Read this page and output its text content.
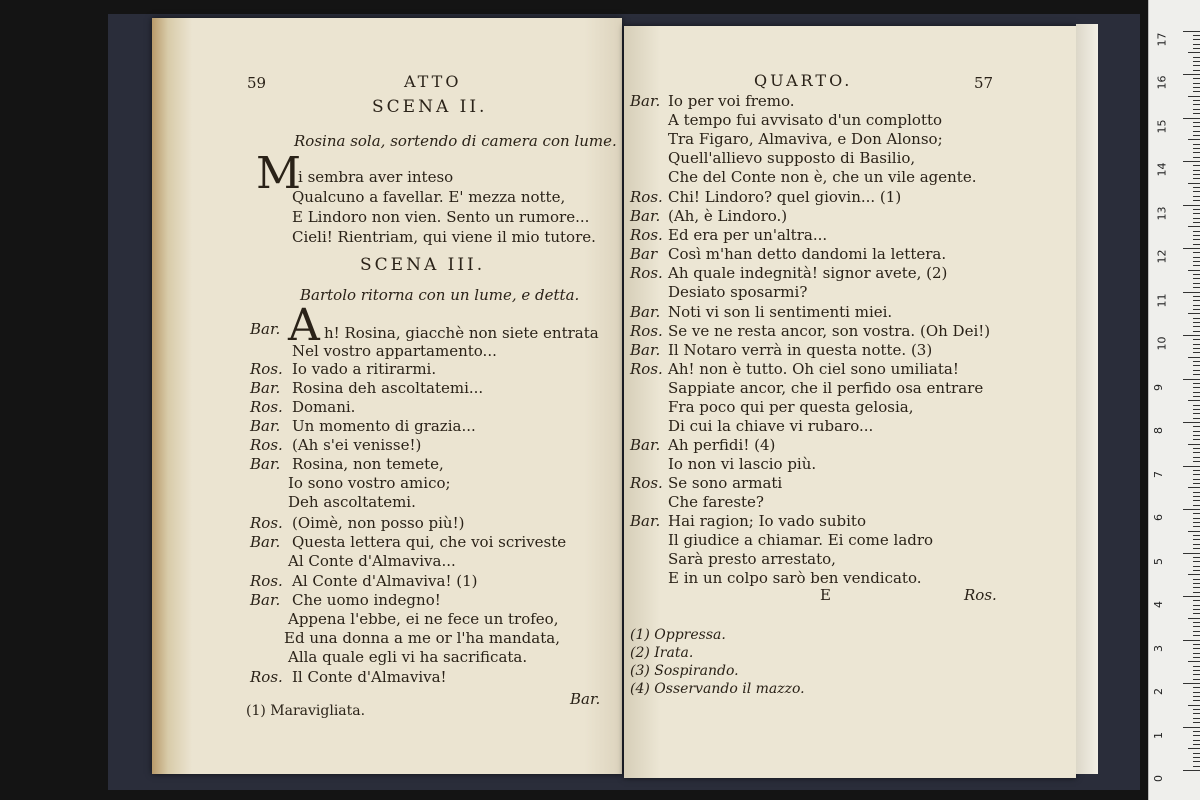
59	ATTO
SCENA II.
Rosina sola, sortendo di camera con lume.
M
i sembra aver inteso
Qualcuno a favellar. E' mezza notte,
E Lindoro non vien. Sento un rumore...
Cieli! Rientriam, qui viene il mio tutore.
SCENA III.
Bartolo ritorna con un lume, e detta.
Bar. A h! Rosina, giacchè non siete entrata
Nel vostro appartamento...
Ros. Io vado a ritirarmi.
Bar. Rosina deh ascoltatemi...
Ros. Domani.
Bar. Un momento di grazia...
Ros. (Ah s'ei venisse!)
Bar. Rosina, non temete,
Io sono vostro amico;
Deh ascoltatemi.
Ros. (Oimè, non posso più!)
Bar. Questa lettera qui, che voi scriveste
Al Conte d'Almaviva...
Ros. Al Conte d'Almaviva! (1)
Bar. Che uomo indegno!
Appena l'ebbe, ei ne fece un trofeo,
Ed una donna a me or l'ha mandata,
Alla quale egli vi ha sacrificata.
Ros. Il Conte d'Almaviva!
Bar.
(1) Maravigliata.
QUARTO.	57
Bar. Io per voi fremo.
A tempo fui avvisato d'un complotto
Tra Figaro, Almaviva, e Don Alonso;
Quell'allievo supposto di Basilio,
Che del Conte non è, che un vile agente.
Ros. Chi! Lindoro? quel giovin... (1)
Bar. (Ah, è Lindoro.)
Ros. Ed era per un'altra...
Bar Così m'han detto dandomi la lettera.
Ros. Ah quale indegnità! signor avete, (2)
Desiato sposarmi?
Bar. Noti vi son li sentimenti miei.
Ros. Se ve ne resta ancor, son vostra. (Oh Dei!)
Bar. Il Notaro verrà in questa notte. (3)
Ros. Ah! non è tutto. Oh ciel sono umiliata!
Sappiate ancor, che il perfido osa entrare
Fra poco qui per questa gelosia,
Di cui la chiave vi rubaro...
Bar. Ah perfidi! (4)
Io non vi lascio più.
Ros. Se sono armati
Che fareste?
Bar. Hai ragion; Io vado subito
Il giudice a chiamar. Ei come ladro
Sarà presto arrestato,
E in un colpo sarò ben vendicato.
E	Ros.
(1) Oppressa.
(2) Irata.
(3) Sospirando.
(4) Osservando il mazzo.
0
1
2
3
4
5
6
7
8
9
10
11
12
13
14
15
16
17
